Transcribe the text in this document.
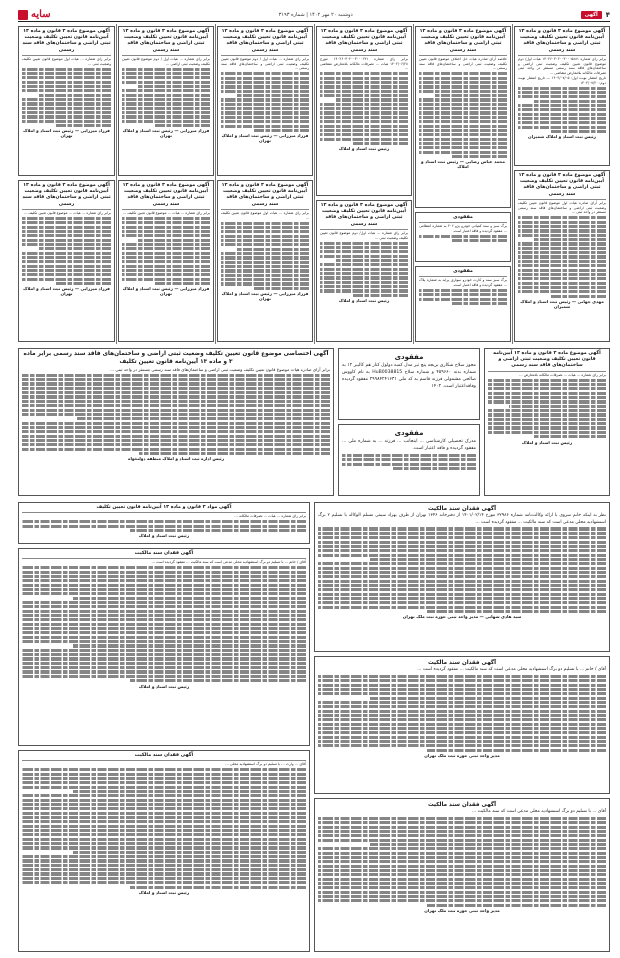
۴
آگهی
دوشنبه ۲۰ مهر ۱۴۰۲ | شماره ۳۱۹۳
سایه
آگهی موضوع ماده ۳ قانون و ماده ۱۳ آیین‌نامه قانون تعیین تکلیف وضعیت ثبتی اراضی و ساختمان‌های فاقد سند رسمی
برابر رای شماره ۱۴۰۲۶۰۳۰۲۰۰۳۰۰۰۵۸۸۱ هیات اول/ دوم موضوع قانون تعیین تکلیف وضعیت ثبتی اراضی و ساختمان‌های فاقد سند رسمی مستقر در واحد ثبتی تصرفات مالکانه بلامعارض متقاضی ...
تاریخ انتشار نوبت اول: ۱۴۰۲/۰۷/۰۵ — تاریخ انتشار نوبت دوم: ۱۴۰۲/۰۷/۲۰
رئیس ثبت اسناد و املاک شمیران
آگهی موضوع ماده ۳ قانون و ماده ۱۳ آیین‌نامه قانون تعیین تکلیف وضعیت ثبتی اراضی و ساختمان‌های فاقد سند رسمی
برابر آرای صادره هیات اول موضوع قانون تعیین تکلیف وضعیت ثبتی اراضی و ساختمان‌های فاقد سند رسمی مستقر در واحد ثبتی ...
مهدی جهانی — رئیس ثبت اسناد و املاک شمیران
آگهی موضوع ماده ۳ قانون و ماده ۱۳ آیین‌نامه قانون تعیین تکلیف وضعیت ثبتی اراضی و ساختمان‌های فاقد سند رسمی
خلاصه آرای صادره هیات حل اختلاف موضوع قانون تعیین تکلیف وضعیت ثبتی اراضی و ساختمان‌های فاقد سند رسمی ...
محمد عباس رضایی — رئیس ثبت اسناد و املاک
مفقودی
برگ سبز و سند کمپانی خودرو پژو ۲۰۶ به شماره انتظامی ... مفقود گردیده و فاقد اعتبار است.
مفقودی
برگ سبز سند و کارت خودرو سواری پراید به شماره پلاک ... مفقود گردیده و فاقد اعتبار است.
آگهی موضوع ماده ۳ قانون و ماده ۱۳ آیین‌نامه قانون تعیین تکلیف وضعیت ثبتی اراضی و ساختمان‌های فاقد سند رسمی
برابر رای شماره ۱۴۰۲۶۰۳۰۲۰۰۳۰۰۰۶۳۱ مورخ ۱۴۰۲/۰۶/۲۸ هیات ... تصرفات مالکانه بلامعارض متقاضی ...
رئیس ثبت اسناد و املاک
آگهی موضوع ماده ۳ قانون و ماده ۱۳ آیین‌نامه قانون تعیین تکلیف وضعیت ثبتی اراضی و ساختمان‌های فاقد سند رسمی
برابر رای شماره ... هیات اول/ دوم موضوع قانون تعیین تکلیف وضعیت ثبتی ...
رئیس ثبت اسناد و املاک
آگهی موضوع ماده ۳ قانون و ماده ۱۳ آیین‌نامه قانون تعیین تکلیف وضعیت ثبتی اراضی و ساختمان‌های فاقد سند رسمی
برابر رای شماره ... هیات اول / دوم موضوع قانون تعیین تکلیف وضعیت ثبتی اراضی و ساختمان‌های فاقد سند رسمی ...
فرزاد میرزایی — رئیس ثبت اسناد و املاک تهران
آگهی موضوع ماده ۳ قانون و ماده ۱۳ آیین‌نامه قانون تعیین تکلیف وضعیت ثبتی اراضی و ساختمان‌های فاقد سند رسمی
برابر رای شماره ... هیات اول موضوع قانون تعیین تکلیف ...
فرزاد میرزایی — رئیس ثبت اسناد و املاک تهران
آگهی موضوع ماده ۳ قانون و ماده ۱۳ آیین‌نامه قانون تعیین تکلیف وضعیت ثبتی اراضی و ساختمان‌های فاقد سند رسمی
برابر رای شماره ... هیات اول / دوم موضوع قانون تعیین تکلیف وضعیت ثبتی اراضی ...
فرزاد میرزایی — رئیس ثبت اسناد و املاک تهران
آگهی موضوع ماده ۳ قانون و ماده ۱۳ آیین‌نامه قانون تعیین تکلیف وضعیت ثبتی اراضی و ساختمان‌های فاقد سند رسمی
برابر رای شماره ... هیات ... موضوع قانون تعیین تکلیف ...
فرزاد میرزایی — رئیس ثبت اسناد و املاک تهران
آگهی موضوع ماده ۳ قانون و ماده ۱۳ آیین‌نامه قانون تعیین تکلیف وضعیت ثبتی اراضی و ساختمان‌های فاقد سند رسمی
برابر رای شماره ... هیات اول موضوع قانون تعیین تکلیف وضعیت ثبتی ...
فرزاد میرزایی — رئیس ثبت اسناد و املاک تهران
آگهی موضوع ماده ۳ قانون و ماده ۱۳ آیین‌نامه قانون تعیین تکلیف وضعیت ثبتی اراضی و ساختمان‌های فاقد سند رسمی
برابر رای شماره ... هیات ... موضوع قانون تعیین تکلیف ...
فرزاد میرزایی — رئیس ثبت اسناد و املاک تهران
آگهی موضوع ماده ۳ قانون و ماده ۱۳ آیین‌نامه قانون تعیین تکلیف وضعیت ثبتی اراضی و ساختمان‌های فاقد سند رسمی
برابر رای شماره ... هیات ... تصرفات مالکانه بلامعارض ...
رئیس ثبت اسناد و املاک
مفقودی
مجوز سلاح شکاری بریجه پنچ تیر مدل کمبه دولول کنار هم کالیبر ۱۲ به شماره بدنه ۴۵۹۶۶۰ و شماره سلاح HuB0038815 به نام کاووس صالحی مشمولی فرزند قاسم به کد ملی ۲۹۹۸۴۲۴۱۶۳۱ مفقود گردیده وفاقداعتبار است. ۱۴۰۲
مفقودی
مدرک تحصیلی کارشناسی ... اینجانب ... فرزند ... به شماره ملی ... مفقود گردیده و فاقد اعتبار است.
آگهی اختصاصی موضوع قانون تعیین تکلیف وضعیت ثبتی اراضی و ساختمان‌های فاقد سند رسمی برابر ماده ۳ و ماده ۱۳ آیین‌نامه قانون تعیین تکلیف
برابر آرای صادره هیات موضوع قانون تعیین تکلیف وضعیت ثبتی اراضی و ساختمان‌های فاقد سند رسمی مستقر در واحد ثبتی ...
رئیس اداره ثبت اسناد و املاک منطقه دولتخواه
آگهی فقدان سند مالکیت
نظر به اینکه خانم سروی با ارائه وکالت‌نامه شماره ۳۲۹۸۶ مورخ ۱۴۰۱/۰۲/۱۴ از دفترخانه ۱۳۴۶ تهران از طرف بهزاد سیفی مسلم الوکاله با تسلیم ۲ برگ استشهادیه محلی مدعی است که سند مالکیت ... مفقود گردیده است ...
سید هادی شهابی — مدیر واحد ثبتی حوزه ثبت ملک تهران
آگهی فقدان سند مالکیت
آقای / خانم ... با تسلیم دو برگ استشهادیه محلی مدعی است که سند مالکیت ... مفقود گردیده است ...
مدیر واحد ثبتی حوزه ثبت ملک تهران
آگهی فقدان سند مالکیت
آقای ... با تسلیم دو برگ استشهادیه محلی مدعی است که سند مالکیت ...
مدیر واحد ثبتی حوزه ثبت ملک تهران
آگهی مواد ۳ قانون و ماده ۱۳ آیین‌نامه قانون تعیین تکلیف
برابر رای شماره ... هیات ... تصرفات مالکانه ...
رئیس ثبت اسناد و املاک
آگهی فقدان سند مالکیت
آقای / خانم ... با تسلیم دو برگ استشهادیه محلی مدعی است که سند مالکیت ... مفقود گردیده است ...
رئیس ثبت اسناد و املاک
آگهی فقدان سند مالکیت
آقای ... وارث ... با تسلیم دو برگ استشهادیه محلی ...
رئیس ثبت اسناد و املاک
